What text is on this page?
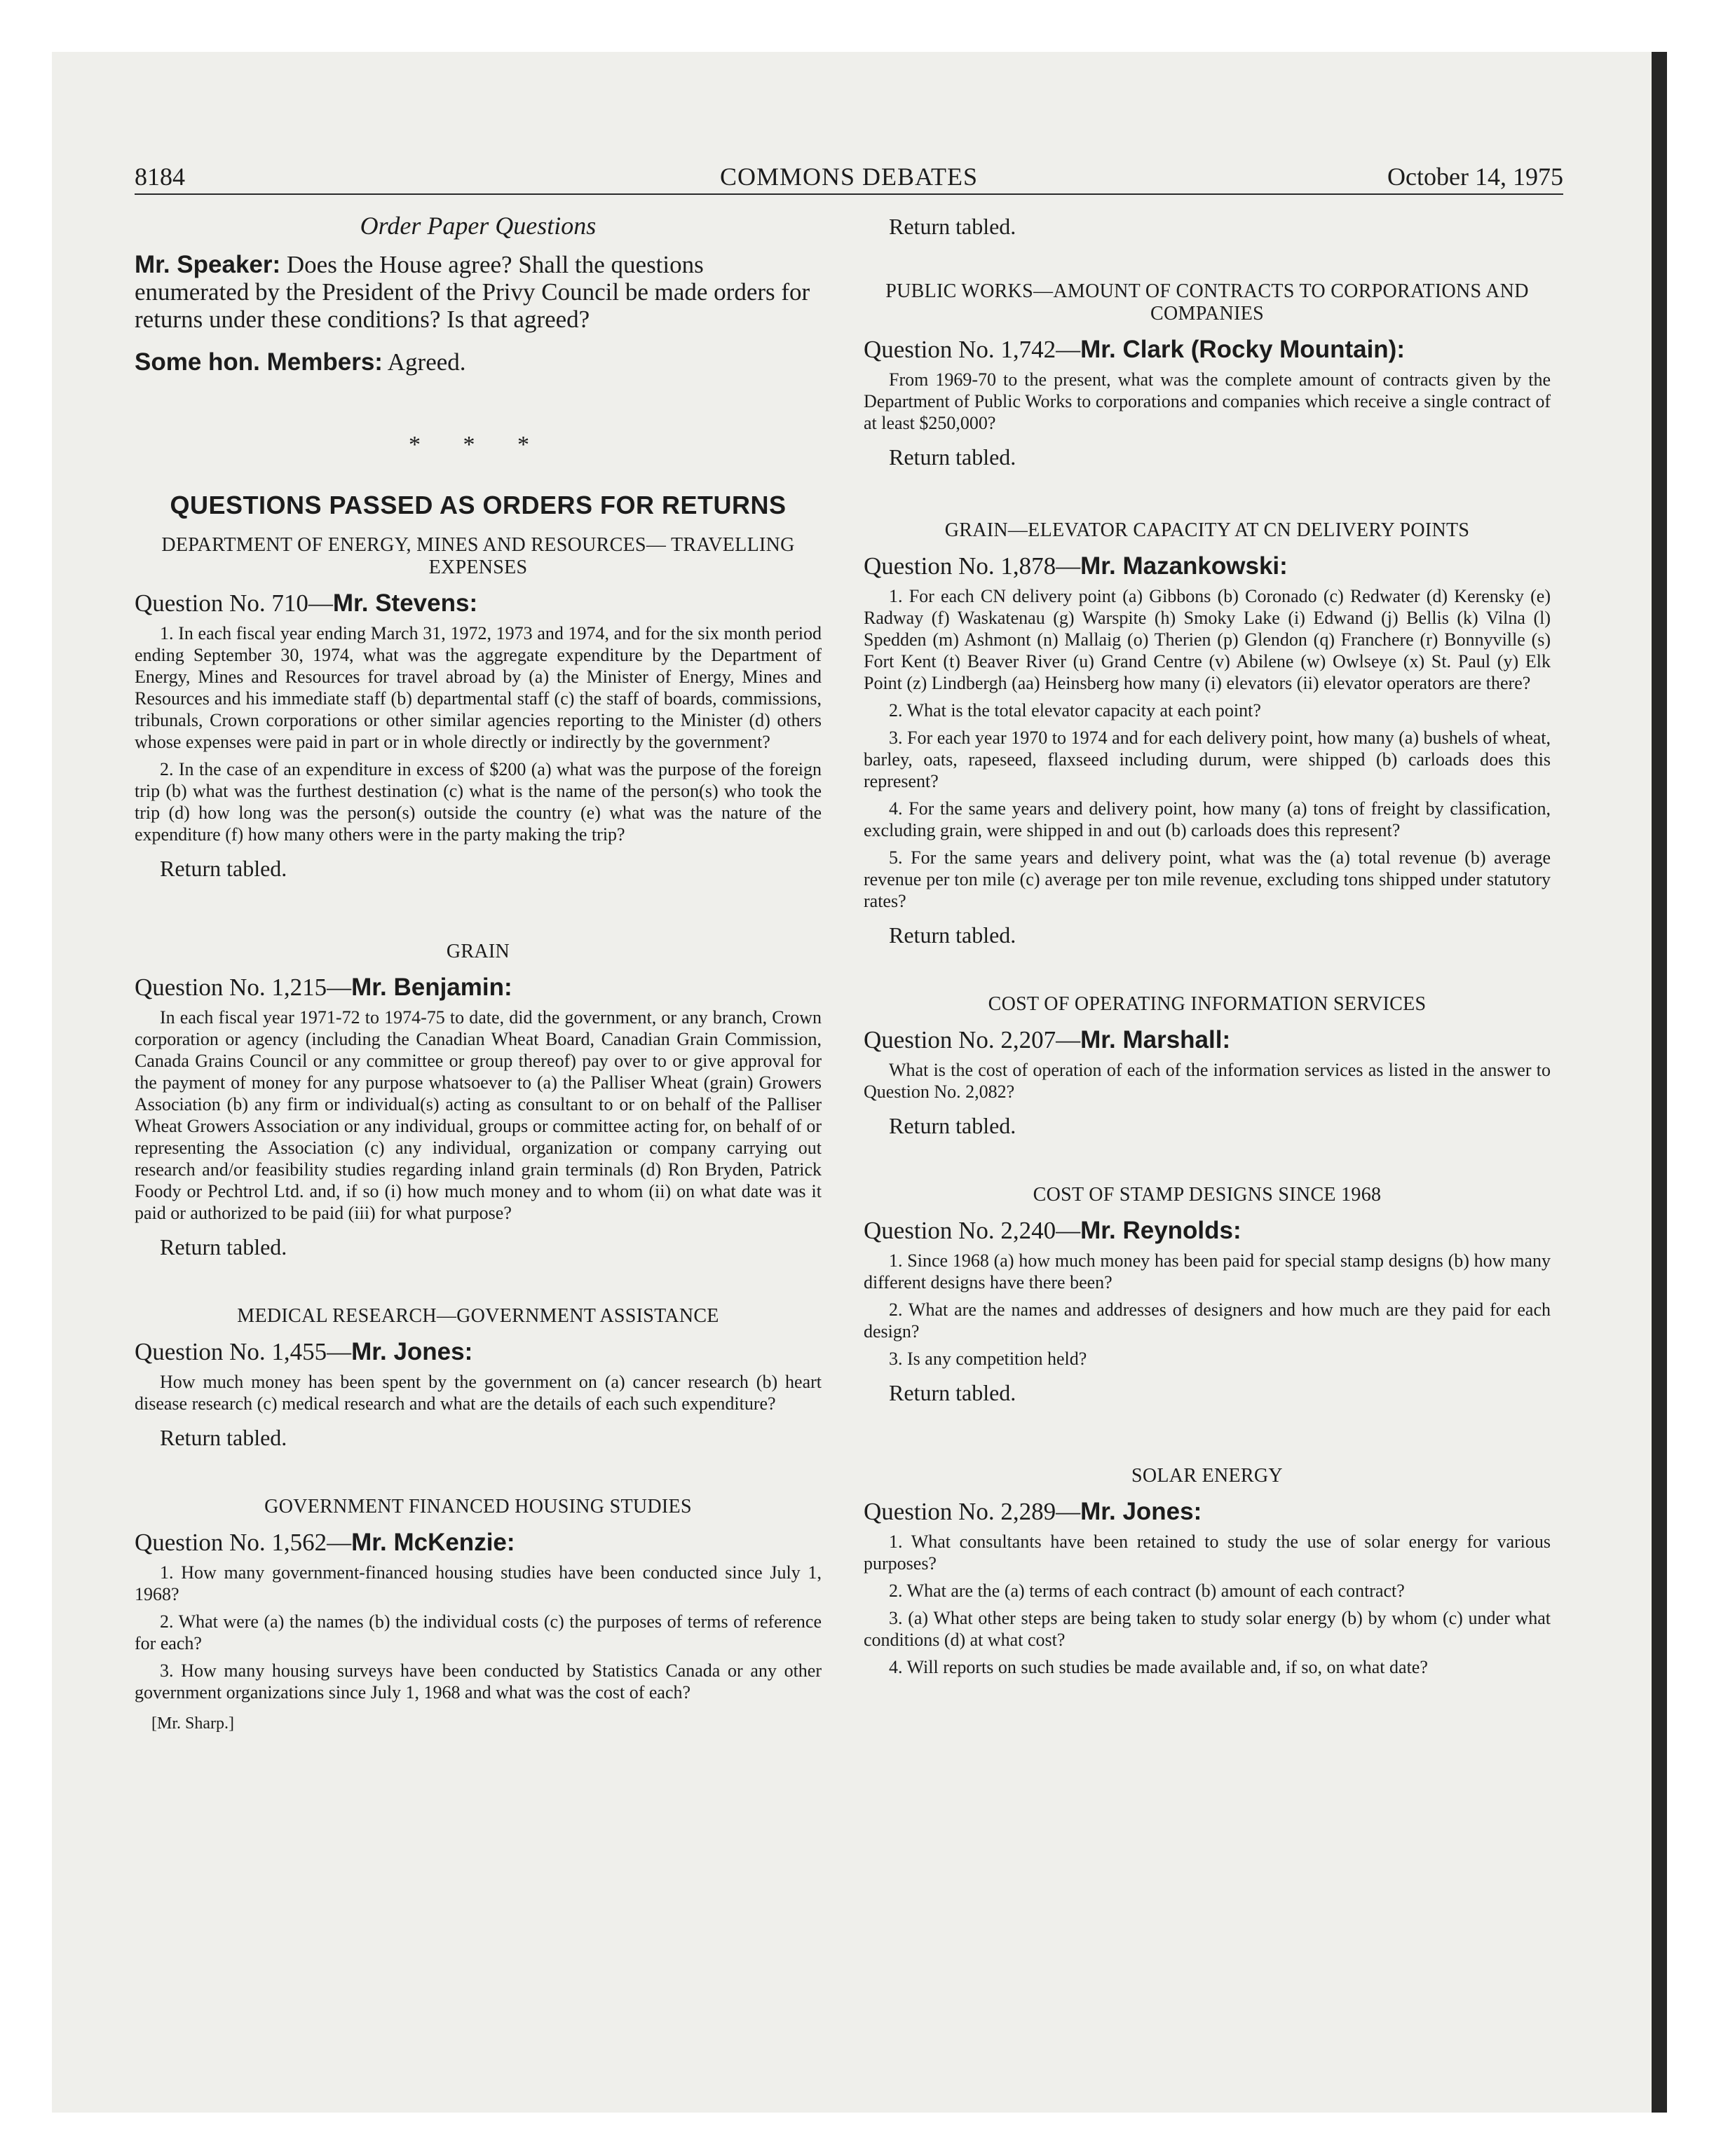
8184	COMMONS DEBATES	October 14, 1975
Order Paper Questions

Mr. Speaker: Does the House agree? Shall the questions enumerated by the President of the Privy Council be made orders for returns under these conditions? Is that agreed?

Some hon. Members: Agreed.

* * *
QUESTIONS PASSED AS ORDERS FOR RETURNS
DEPARTMENT OF ENERGY, MINES AND RESOURCES— TRAVELLING EXPENSES
Question No. 710—Mr. Stevens:

1. In each fiscal year ending March 31, 1972, 1973 and 1974, and for the six month period ending September 30, 1974, what was the aggregate expenditure by the Department of Energy, Mines and Resources for travel abroad by (a) the Minister of Energy, Mines and Resources and his immediate staff (b) departmental staff (c) the staff of boards, commissions, tribunals, Crown corporations or other similar agencies reporting to the Minister (d) others whose expenses were paid in part or in whole directly or indirectly by the government?

2. In the case of an expenditure in excess of $200 (a) what was the purpose of the foreign trip (b) what was the furthest destination (c) what is the name of the person(s) who took the trip (d) how long was the person(s) outside the country (e) what was the nature of the expenditure (f) how many others were in the party making the trip?

Return tabled.
GRAIN
Question No. 1,215—Mr. Benjamin:

In each fiscal year 1971-72 to 1974-75 to date, did the government, or any branch, Crown corporation or agency (including the Canadian Wheat Board, Canadian Grain Commission, Canada Grains Council or any committee or group thereof) pay over to or give approval for the payment of money for any purpose whatsoever to (a) the Palliser Wheat (grain) Growers Association (b) any firm or individual(s) acting as consultant to or on behalf of the Palliser Wheat Growers Association or any individual, groups or committee acting for, on behalf of or representing the Association (c) any individual, organization or company carrying out research and/or feasibility studies regarding inland grain terminals (d) Ron Bryden, Patrick Foody or Pechtrol Ltd. and, if so (i) how much money and to whom (ii) on what date was it paid or authorized to be paid (iii) for what purpose?

Return tabled.
MEDICAL RESEARCH—GOVERNMENT ASSISTANCE
Question No. 1,455—Mr. Jones:

How much money has been spent by the government on (a) cancer research (b) heart disease research (c) medical research and what are the details of each such expenditure?

Return tabled.
GOVERNMENT FINANCED HOUSING STUDIES
Question No. 1,562—Mr. McKenzie:

1. How many government-financed housing studies have been conducted since July 1, 1968?

2. What were (a) the names (b) the individual costs (c) the purposes of terms of reference for each?

3. How many housing surveys have been conducted by Statistics Canada or any other government organizations since July 1, 1968 and what was the cost of each?

[Mr. Sharp.]
Return tabled.
PUBLIC WORKS—AMOUNT OF CONTRACTS TO CORPORATIONS AND COMPANIES
Question No. 1,742—Mr. Clark (Rocky Mountain):

From 1969-70 to the present, what was the complete amount of contracts given by the Department of Public Works to corporations and companies which receive a single contract of at least $250,000?

Return tabled.
GRAIN—ELEVATOR CAPACITY AT CN DELIVERY POINTS
Question No. 1,878—Mr. Mazankowski:

1. For each CN delivery point (a) Gibbons (b) Coronado (c) Redwater (d) Kerensky (e) Radway (f) Waskatenau (g) Warspite (h) Smoky Lake (i) Edwand (j) Bellis (k) Vilna (l) Spedden (m) Ashmont (n) Mallaig (o) Therien (p) Glendon (q) Franchere (r) Bonnyville (s) Fort Kent (t) Beaver River (u) Grand Centre (v) Abilene (w) Owlseye (x) St. Paul (y) Elk Point (z) Lindbergh (aa) Heinsberg how many (i) elevators (ii) elevator operators are there?

2. What is the total elevator capacity at each point?

3. For each year 1970 to 1974 and for each delivery point, how many (a) bushels of wheat, barley, oats, rapeseed, flaxseed including durum, were shipped (b) carloads does this represent?

4. For the same years and delivery point, how many (a) tons of freight by classification, excluding grain, were shipped in and out (b) carloads does this represent?

5. For the same years and delivery point, what was the (a) total revenue (b) average revenue per ton mile (c) average per ton mile revenue, excluding tons shipped under statutory rates?

Return tabled.
COST OF OPERATING INFORMATION SERVICES
Question No. 2,207—Mr. Marshall:

What is the cost of operation of each of the information services as listed in the answer to Question No. 2,082?

Return tabled.
COST OF STAMP DESIGNS SINCE 1968
Question No. 2,240—Mr. Reynolds:

1. Since 1968 (a) how much money has been paid for special stamp designs (b) how many different designs have there been?

2. What are the names and addresses of designers and how much are they paid for each design?

3. Is any competition held?

Return tabled.
SOLAR ENERGY
Question No. 2,289—Mr. Jones:

1. What consultants have been retained to study the use of solar energy for various purposes?

2. What are the (a) terms of each contract (b) amount of each contract?

3. (a) What other steps are being taken to study solar energy (b) by whom (c) under what conditions (d) at what cost?

4. Will reports on such studies be made available and, if so, on what date?
